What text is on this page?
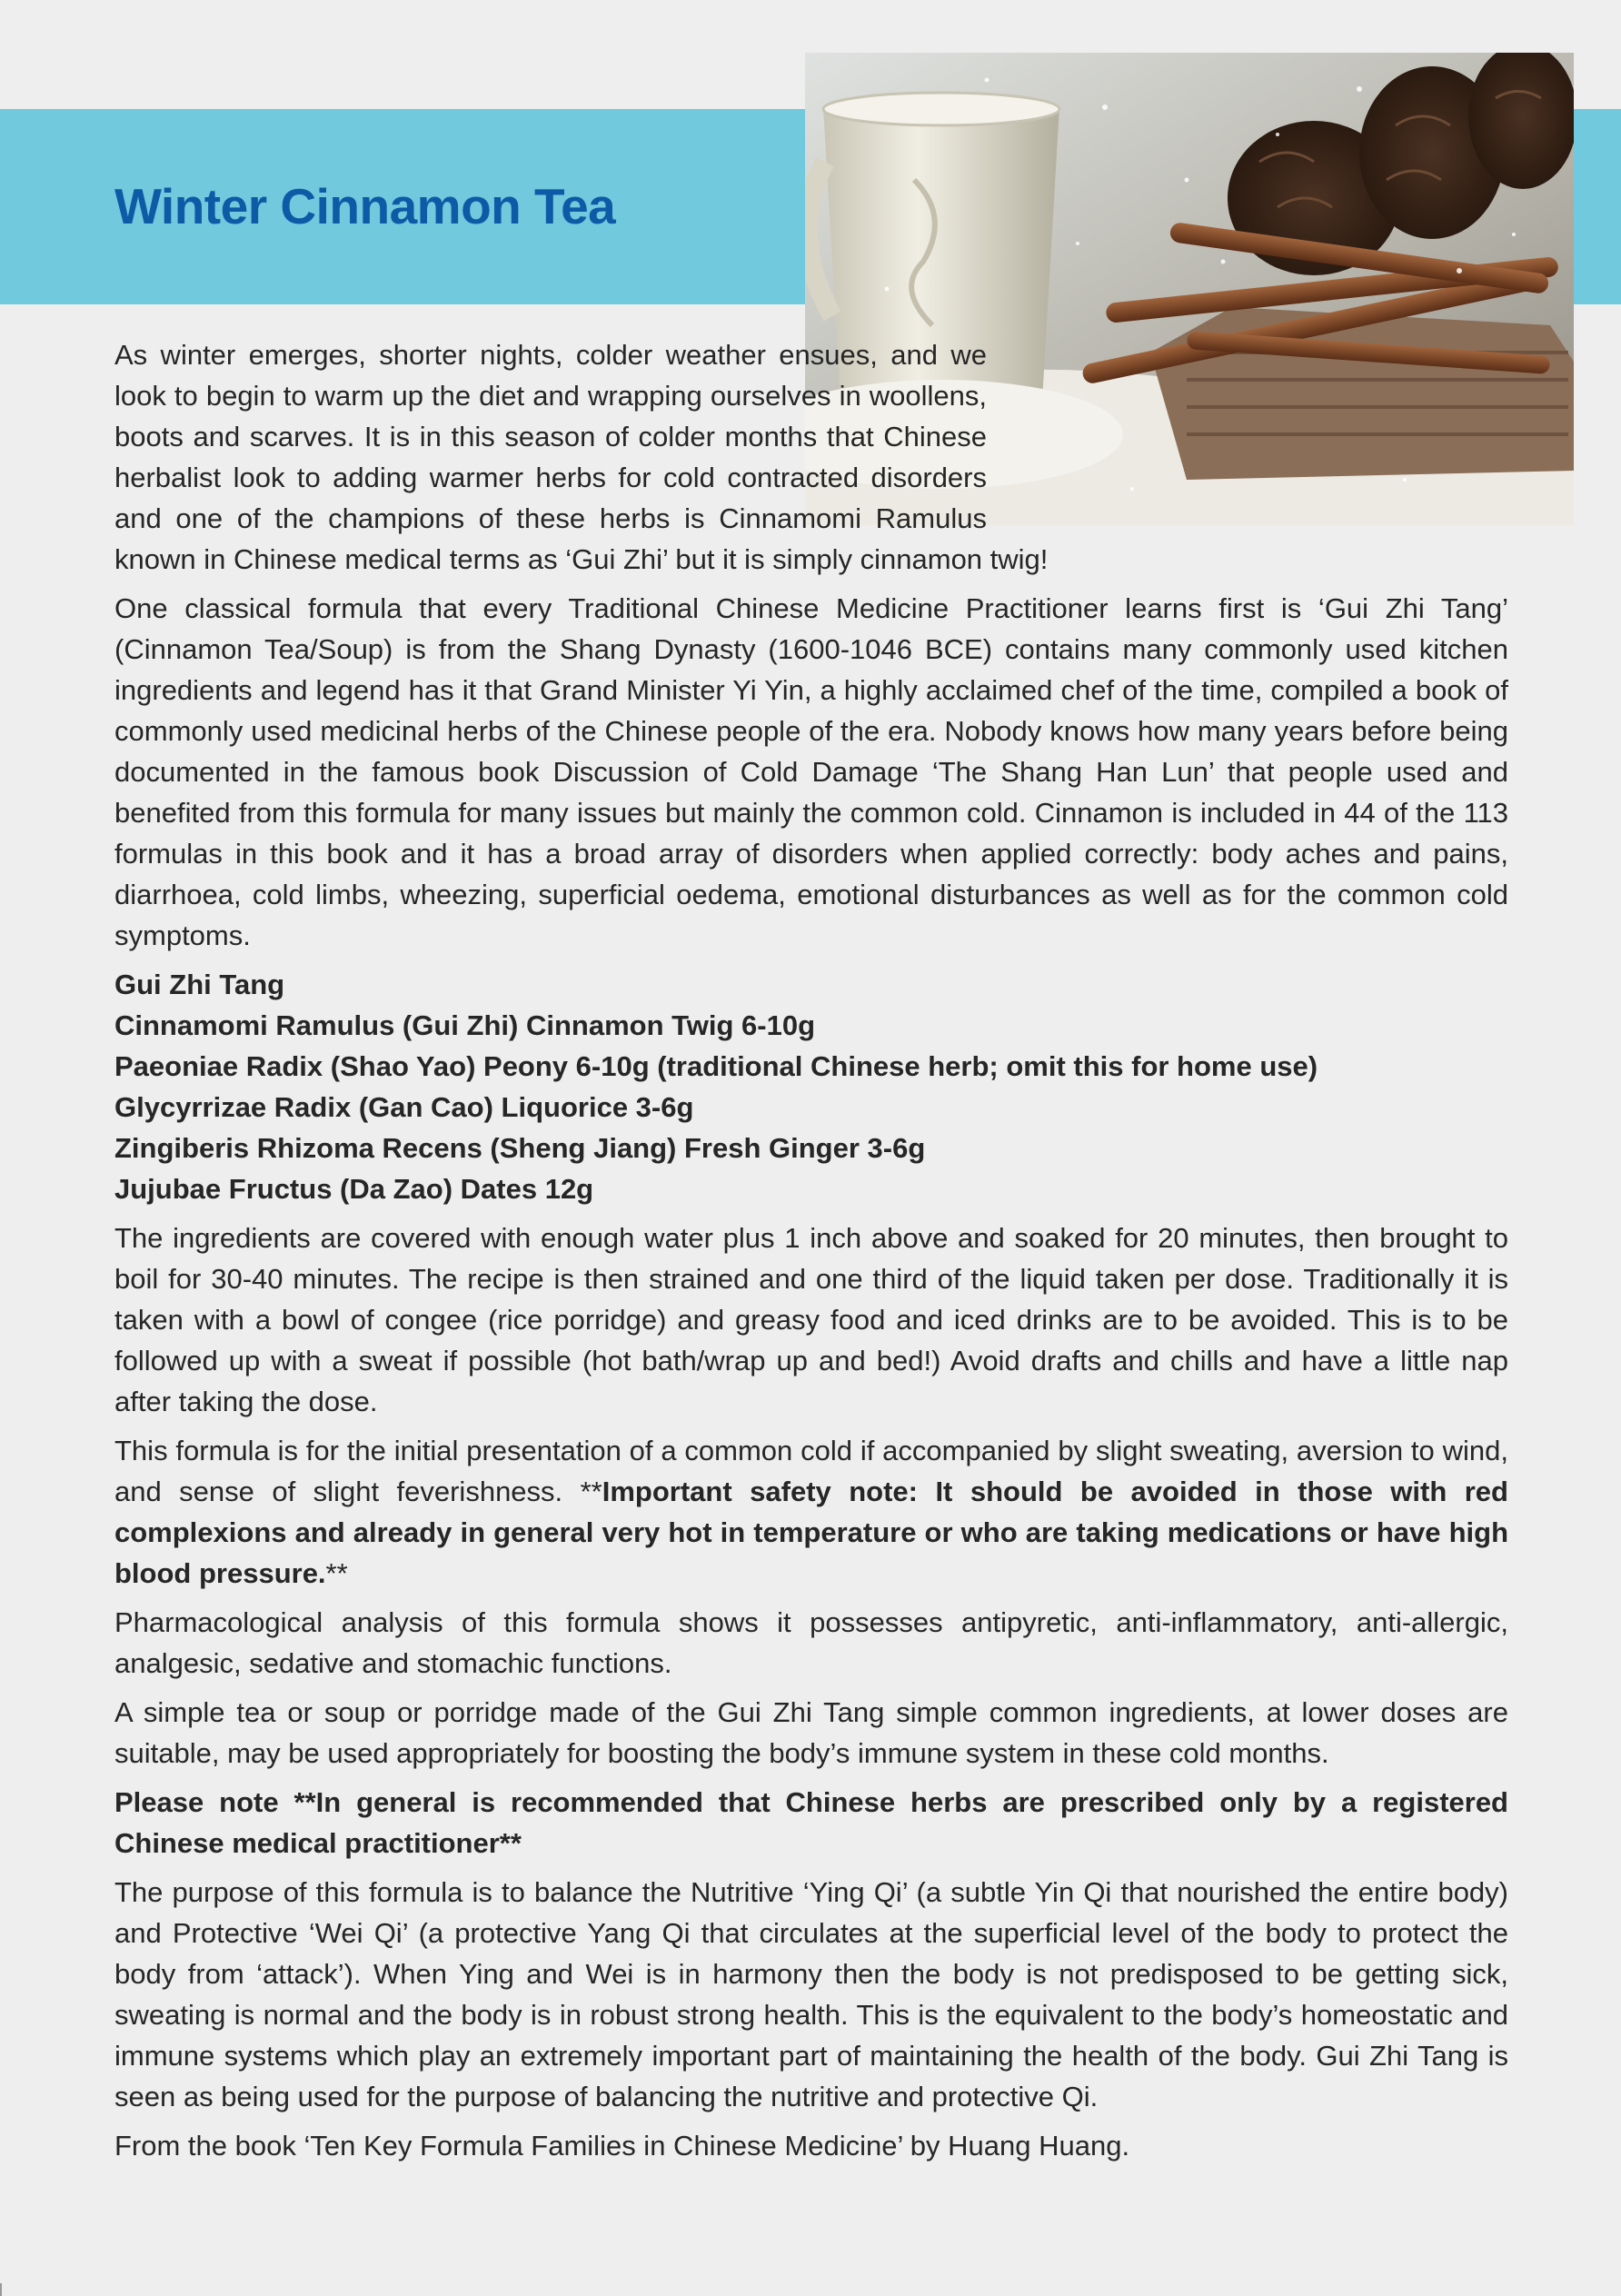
Winter Cinnamon Tea

As winter emerges, shorter nights, colder weather ensues, and we look to begin to warm up the diet and wrapping ourselves in woollens, boots and scarves. It is in this season of colder months that Chinese herbalist look to adding warmer herbs for cold contracted disorders and one of the champions of these herbs is Cinnamomi Ramulus known in Chinese medical terms as ‘Gui Zhi’ but it is simply cinnamon twig!

One classical formula that every Traditional Chinese Medicine Practitioner learns first is ‘Gui Zhi Tang’ (Cinnamon Tea/Soup) is from the Shang Dynasty (1600-1046 BCE) contains many commonly used kitchen ingredients and legend has it that Grand Minister Yi Yin, a highly acclaimed chef of the time, compiled a book of commonly used medicinal herbs of the Chinese people of the era. Nobody knows how many years before being documented in the famous book Discussion of Cold Damage ‘The Shang Han Lun’ that people used and benefited from this formula for many issues but mainly the common cold. Cinnamon is included in 44 of the 113 formulas in this book and it has a broad array of disorders when applied correctly: body aches and pains, diarrhoea, cold limbs, wheezing, superficial oedema, emotional disturbances as well as for the common cold symptoms.

Gui Zhi Tang
Cinnamomi Ramulus (Gui Zhi) Cinnamon Twig 6-10g
Paeoniae Radix (Shao Yao) Peony 6-10g (traditional Chinese herb; omit this for home use)
Glycyrrizae Radix (Gan Cao) Liquorice 3-6g
Zingiberis Rhizoma Recens (Sheng Jiang) Fresh Ginger 3-6g
Jujubae Fructus (Da Zao) Dates 12g

The ingredients are covered with enough water plus 1 inch above and soaked for 20 minutes, then brought to boil for 30-40 minutes. The recipe is then strained and one third of the liquid taken per dose. Traditionally it is taken with a bowl of congee (rice porridge) and greasy food and iced drinks are to be avoided. This is to be followed up with a sweat if possible (hot bath/wrap up and bed!) Avoid drafts and chills and have a little nap after taking the dose.

This formula is for the initial presentation of a common cold if accompanied by slight sweating, aversion to wind, and sense of slight feverishness. **Important safety note: It should be avoided in those with red complexions and already in general very hot in temperature or who are taking medications or have high blood pressure.**

Pharmacological analysis of this formula shows it possesses antipyretic, anti-inflammatory, anti-allergic, analgesic, sedative and stomachic functions.

A simple tea or soup or porridge made of the Gui Zhi Tang simple common ingredients, at lower doses are suitable, may be used appropriately for boosting the body’s immune system in these cold months.

Please note **In general is recommended that Chinese herbs are prescribed only by a registered Chinese medical practitioner**

The purpose of this formula is to balance the Nutritive ‘Ying Qi’ (a subtle Yin Qi that nourished the entire body) and Protective ‘Wei Qi’ (a protective Yang Qi that circulates at the superficial level of the body to protect the body from ‘attack’). When Ying and Wei is in harmony then the body is not predisposed to be getting sick, sweating is normal and the body is in robust strong health. This is the equivalent to the body’s homeostatic and immune systems which play an extremely important part of maintaining the health of the body. Gui Zhi Tang is seen as being used for the purpose of balancing the nutritive and protective Qi.

From the book ‘Ten Key Formula Families in Chinese Medicine’ by Huang Huang.
